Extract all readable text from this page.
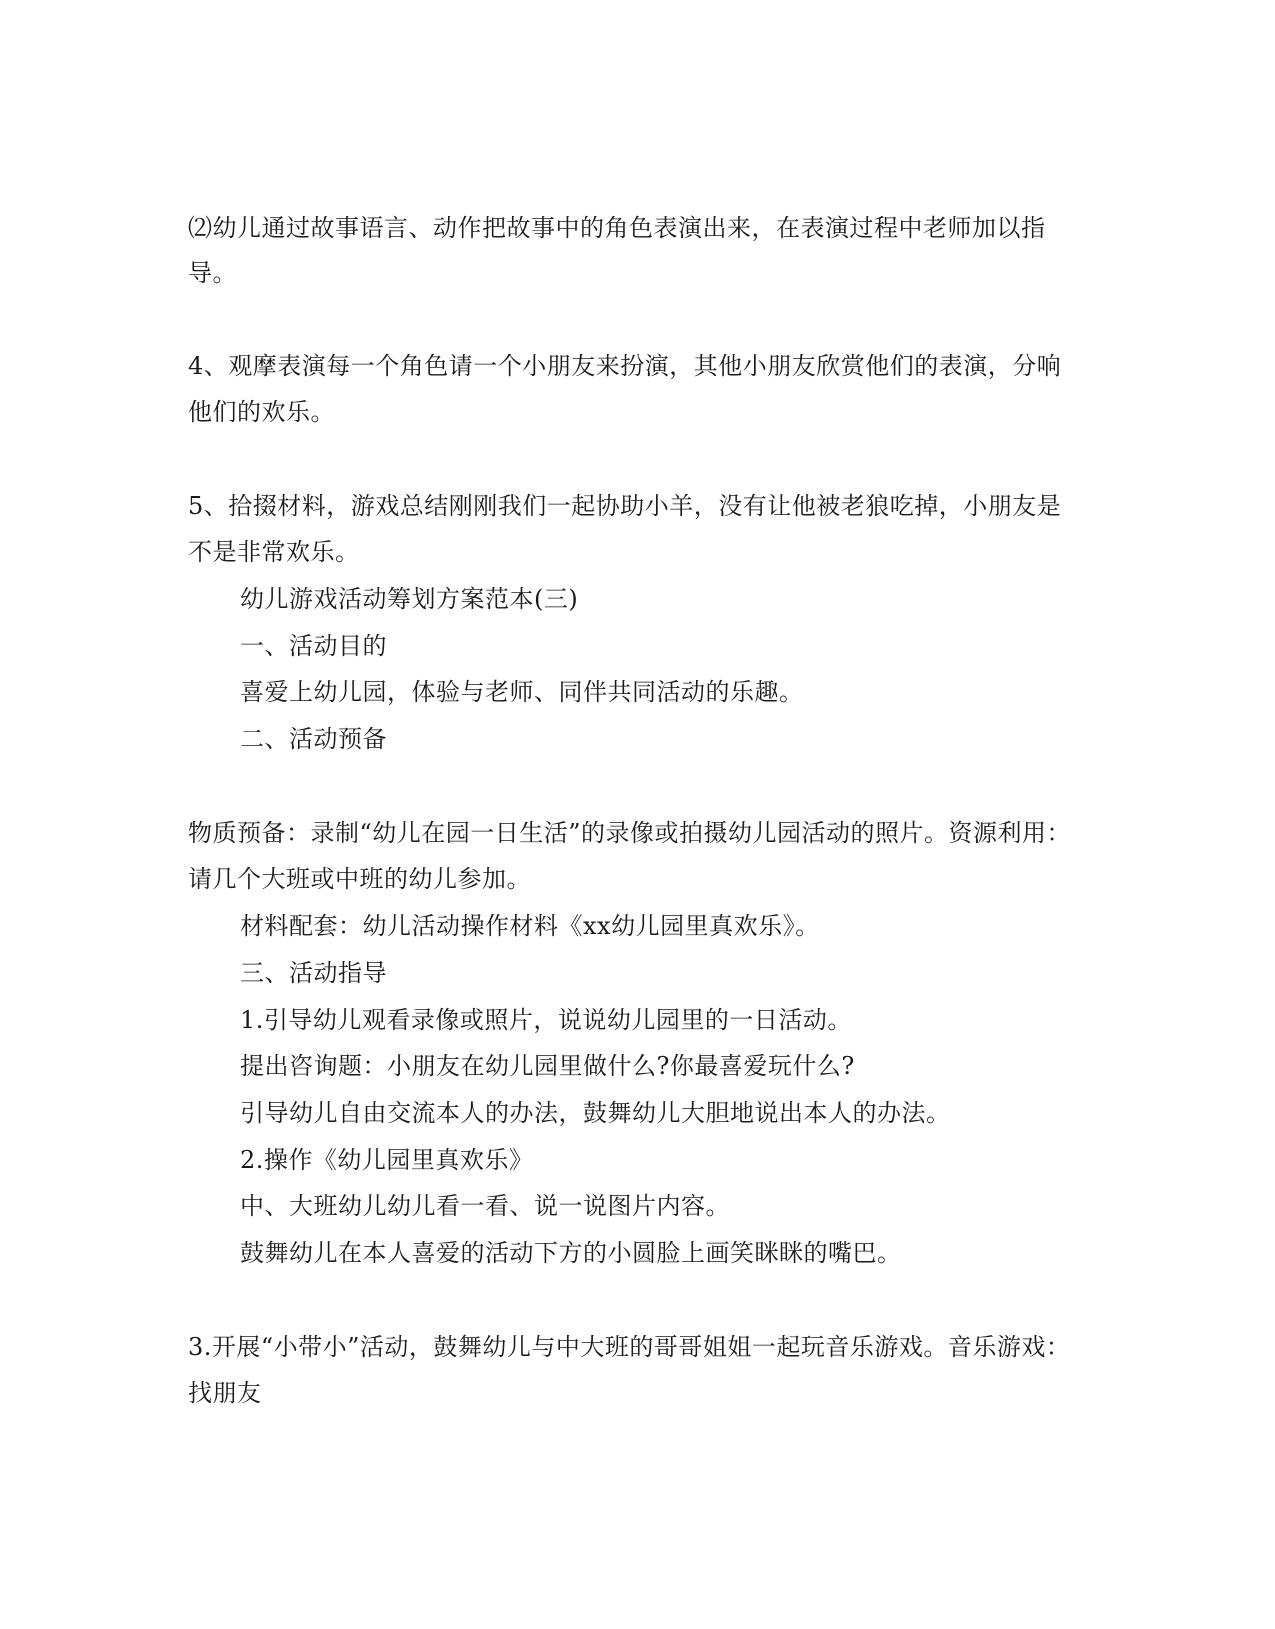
⑵幼儿通过故事语言、动作把故事中的角色表演出来，在表演过程中老师加以指
导。
4、观摩表演每一个角色请一个小朋友来扮演，其他小朋友欣赏他们的表演，分响
他们的欢乐。
5、拾掇材料，游戏总结刚刚我们一起协助小羊，没有让他被老狼吃掉，小朋友是
不是非常欢乐。
幼儿游戏活动筹划方案范本(三)
一、活动目的
喜爱上幼儿园，体验与老师、同伴共同活动的乐趣。
二、活动预备
物质预备：录制“幼儿在园一日生活”的录像或拍摄幼儿园活动的照片。资源利用：
请几个大班或中班的幼儿参加。
材料配套：幼儿活动操作材料《xx幼儿园里真欢乐》。
三、活动指导
1.引导幼儿观看录像或照片，说说幼儿园里的一日活动。
提出咨询题：小朋友在幼儿园里做什么?你最喜爱玩什么?
引导幼儿自由交流本人的办法，鼓舞幼儿大胆地说出本人的办法。
2.操作《幼儿园里真欢乐》
中、大班幼儿幼儿看一看、说一说图片内容。
鼓舞幼儿在本人喜爱的活动下方的小圆脸上画笑眯眯的嘴巴。
3.开展“小带小”活动，鼓舞幼儿与中大班的哥哥姐姐一起玩音乐游戏。音乐游戏：
找朋友
